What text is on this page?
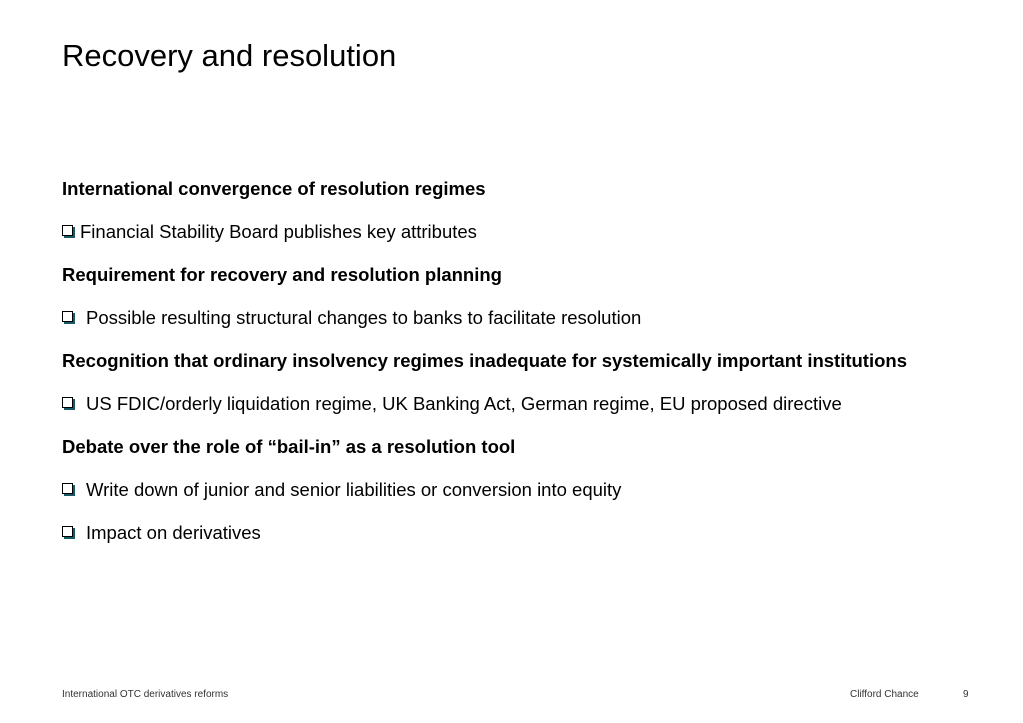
Recovery and resolution

International convergence of resolution regimes

Financial Stability Board publishes key attributes

Requirement for recovery and resolution planning

Possible resulting structural changes to banks to facilitate resolution

Recognition that ordinary insolvency regimes inadequate for systemically important institutions

US FDIC/orderly liquidation regime, UK Banking Act, German regime, EU proposed directive

Debate over the role of “bail-in” as a resolution tool

Write down of junior and senior liabilities or conversion into equity
Impact on derivatives
International OTC derivatives reforms	Clifford Chance	9
